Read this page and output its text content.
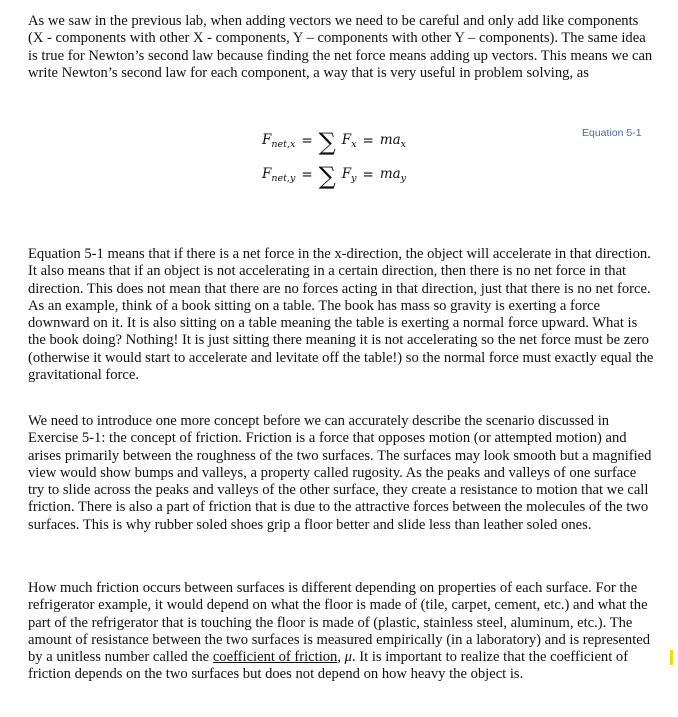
As we saw in the previous lab, when adding vectors we need to be careful and only add like components (X - components with other X - components, Y – components with other Y – components). The same idea is true for Newton’s second law because finding the net force means adding up vectors. This means we can write Newton’s second law for each component, a way that is very useful in problem solving, as

Equation 5-1
$F_{net,x}$ = ∑ $F_x = ma_x$
$F_{net,y}$ = ∑ $F_y = ma_y$

Equation 5-1 means that if there is a net force in the x-direction, the object will accelerate in that direction. It also means that if an object is not accelerating in a certain direction, then there is no net force in that direction. This does not mean that there are no forces acting in that direction, just that there is no net force. As an example, think of a book sitting on a table. The book has mass so gravity is exerting a force downward on it. It is also sitting on a table meaning the table is exerting a normal force upward. What is the book doing? Nothing! It is just sitting there meaning it is not accelerating so the net force must be zero (otherwise it would start to accelerate and levitate off the table!) so the normal force must exactly equal the gravitational force.

We need to introduce one more concept before we can accurately describe the scenario discussed in Exercise 5-1: the concept of friction. Friction is a force that opposes motion (or attempted motion) and arises primarily between the roughness of the two surfaces. The surfaces may look smooth but a magnified view would show bumps and valleys, a property called rugosity. As the peaks and valleys of one surface try to slide across the peaks and valleys of the other surface, they create a resistance to motion that we call friction. There is also a part of friction that is due to the attractive forces between the molecules of the two surfaces. This is why rubber soled shoes grip a floor better and slide less than leather soled ones.

How much friction occurs between surfaces is different depending on properties of each surface. For the refrigerator example, it would depend on what the floor is made of (tile, carpet, cement, etc.) and what the part of the refrigerator that is touching the floor is made of (plastic, stainless steel, aluminum, etc.). The amount of resistance between the two surfaces is measured empirically (in a laboratory) and is represented by a unitless number called the coefficient of friction, μ. It is important to realize that the coefficient of friction depends on the two surfaces but does not depend on how heavy the object is.
